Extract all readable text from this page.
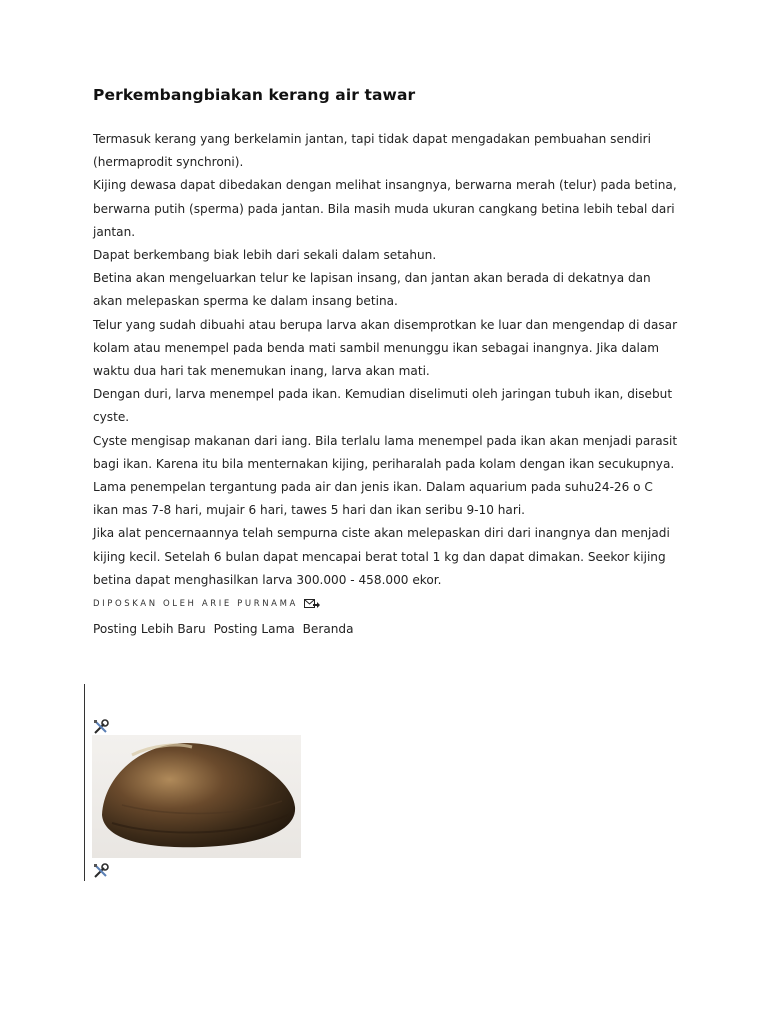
Perkembangbiakan kerang air tawar

Termasuk kerang yang berkelamin jantan, tapi tidak dapat mengadakan pembuahan sendiri (hermaprodit synchroni).

Kijing dewasa dapat dibedakan dengan melihat insangnya, berwarna merah (telur) pada betina, berwarna putih (sperma) pada jantan. Bila masih muda ukuran cangkang betina lebih tebal dari jantan.

Dapat berkembang biak lebih dari sekali dalam setahun.

Betina akan mengeluarkan telur ke lapisan insang, dan jantan akan berada di dekatnya dan akan melepaskan sperma ke dalam insang betina.

Telur yang sudah dibuahi atau berupa larva akan disemprotkan ke luar dan mengendap di dasar kolam atau menempel pada benda mati sambil menunggu ikan sebagai inangnya. Jika dalam waktu dua hari tak menemukan inang, larva akan mati.

Dengan duri, larva menempel pada ikan. Kemudian diselimuti oleh jaringan tubuh ikan, disebut cyste.

Cyste mengisap makanan dari iang. Bila terlalu lama menempel pada ikan akan menjadi parasit bagi ikan. Karena itu bila menternakan kijing, periharalah pada kolam dengan ikan secukupnya.

Lama penempelan tergantung pada air dan jenis ikan. Dalam aquarium pada suhu24-26 o C ikan mas 7-8 hari, mujair 6 hari, tawes 5 hari dan ikan seribu 9-10 hari.

Jika alat pencernaannya telah sempurna ciste akan melepaskan diri dari inangnya dan menjadi kijing kecil. Setelah 6 bulan dapat mencapai berat total 1 kg dan dapat dimakan. Seekor kijing betina dapat menghasilkan larva 300.000 - 458.000 ekor.

DIPOSKAN OLEH ARIE PURNAMA
Posting Lebih Baru Posting Lama Beranda
